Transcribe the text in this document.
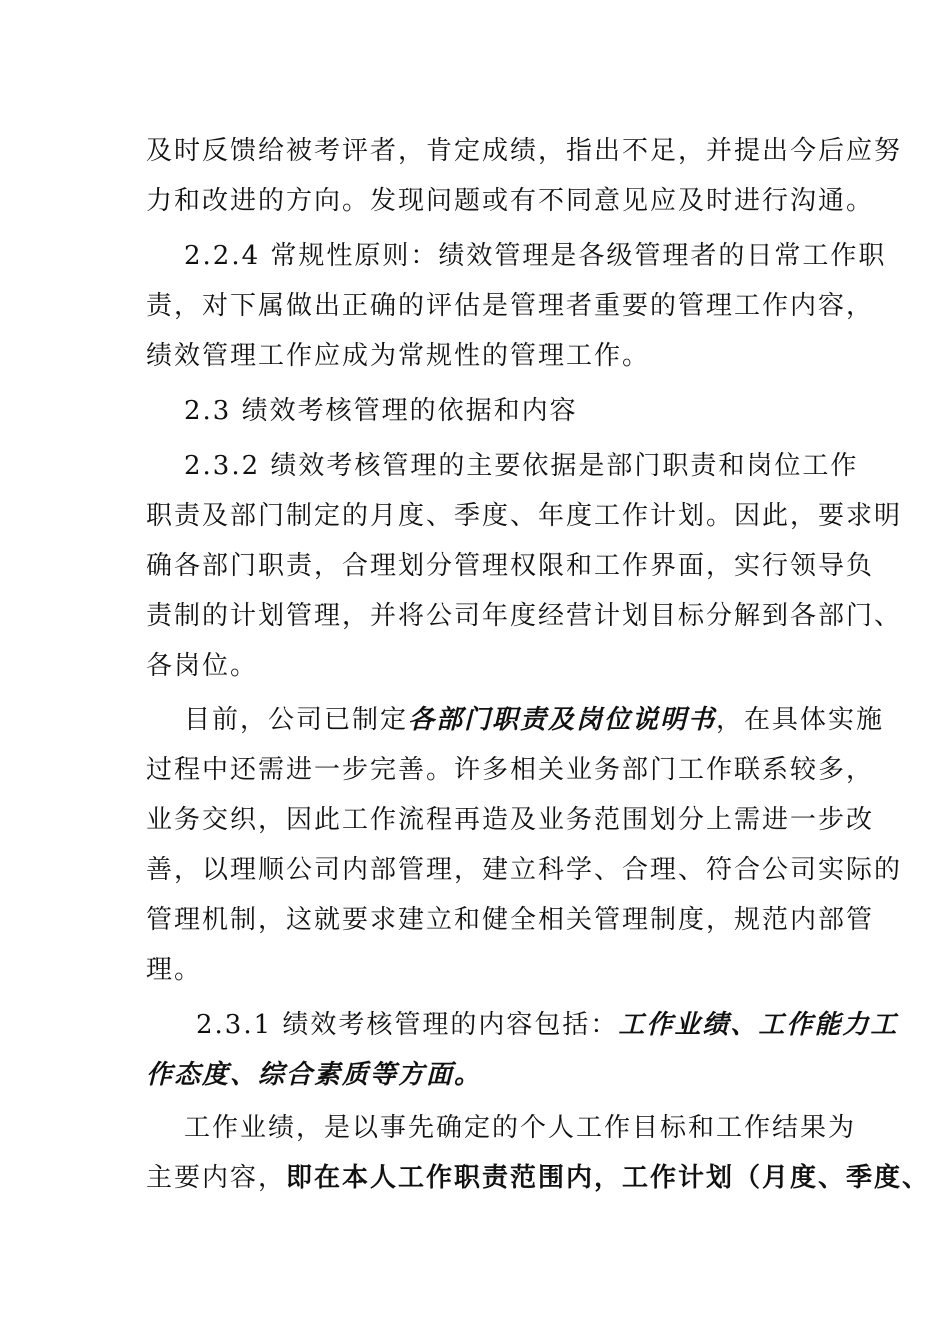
及时反馈给被考评者，肯定成绩，指出不足，并提出今后应努
力和改进的方向。发现问题或有不同意见应及时进行沟通。
2.2.4 常规性原则：绩效管理是各级管理者的日常工作职
责，对下属做出正确的评估是管理者重要的管理工作内容，
绩效管理工作应成为常规性的管理工作。
2.3 绩效考核管理的依据和内容
2.3.2 绩效考核管理的主要依据是部门职责和岗位工作
职责及部门制定的月度、季度、年度工作计划。因此，要求明
确各部门职责，合理划分管理权限和工作界面，实行领导负
责制的计划管理，并将公司年度经营计划目标分解到各部门、
各岗位。
目前，公司已制定各部门职责及岗位说明书，在具体实施
过程中还需进一步完善。许多相关业务部门工作联系较多，
业务交织，因此工作流程再造及业务范围划分上需进一步改
善，以理顺公司内部管理，建立科学、合理、符合公司实际的
管理机制，这就要求建立和健全相关管理制度，规范内部管
理。
2.3.1 绩效考核管理的内容包括：工作业绩、工作能力工
作态度、综合素质等方面。
工作业绩，是以事先确定的个人工作目标和工作结果为
主要内容，即在本人工作职责范围内，工作计划（月度、季度、
